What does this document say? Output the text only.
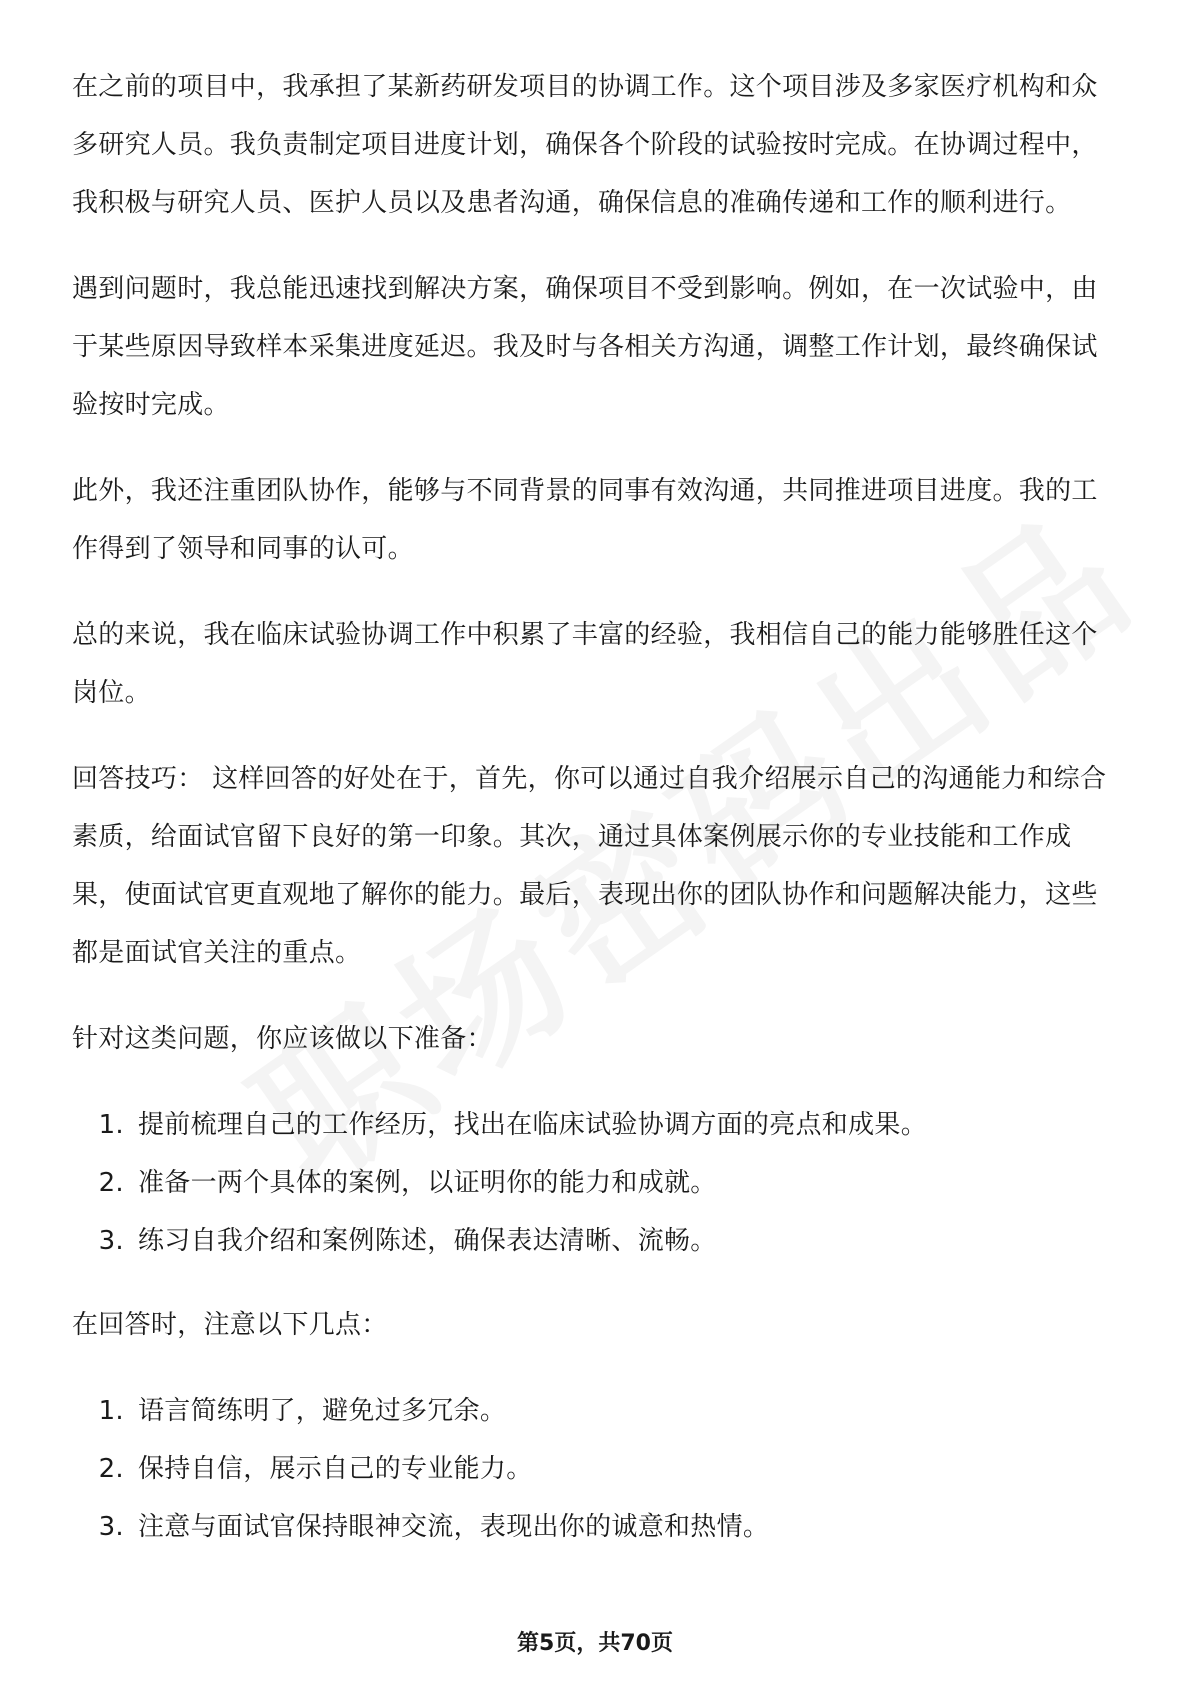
在之前的项目中，我承担了某新药研发项目的协调工作。这个项目涉及多家医疗机构和众多研究人员。我负责制定项目进度计划，确保各个阶段的试验按时完成。在协调过程中，我积极与研究人员、医护人员以及患者沟通，确保信息的准确传递和工作的顺利进行。

遇到问题时，我总能迅速找到解决方案，确保项目不受到影响。例如，在一次试验中，由于某些原因导致样本采集进度延迟。我及时与各相关方沟通，调整工作计划，最终确保试验按时完成。

此外，我还注重团队协作，能够与不同背景的同事有效沟通，共同推进项目进度。我的工作得到了领导和同事的认可。

总的来说，我在临床试验协调工作中积累了丰富的经验，我相信自己的能力能够胜任这个岗位。

回答技巧： 这样回答的好处在于，首先，你可以通过自我介绍展示自己的沟通能力和综合素质，给面试官留下良好的第一印象。其次，通过具体案例展示你的专业技能和工作成果，使面试官更直观地了解你的能力。最后，表现出你的团队协作和问题解决能力，这些都是面试官关注的重点。

针对这类问题，你应该做以下准备：

1. 提前梳理自己的工作经历，找出在临床试验协调方面的亮点和成果。
2. 准备一两个具体的案例，以证明你的能力和成就。
3. 练习自我介绍和案例陈述，确保表达清晰、流畅。

在回答时，注意以下几点：

1. 语言简练明了，避免过多冗余。
2. 保持自信，展示自己的专业能力。
3. 注意与面试官保持眼神交流，表现出你的诚意和热情。
第5页，共70页
